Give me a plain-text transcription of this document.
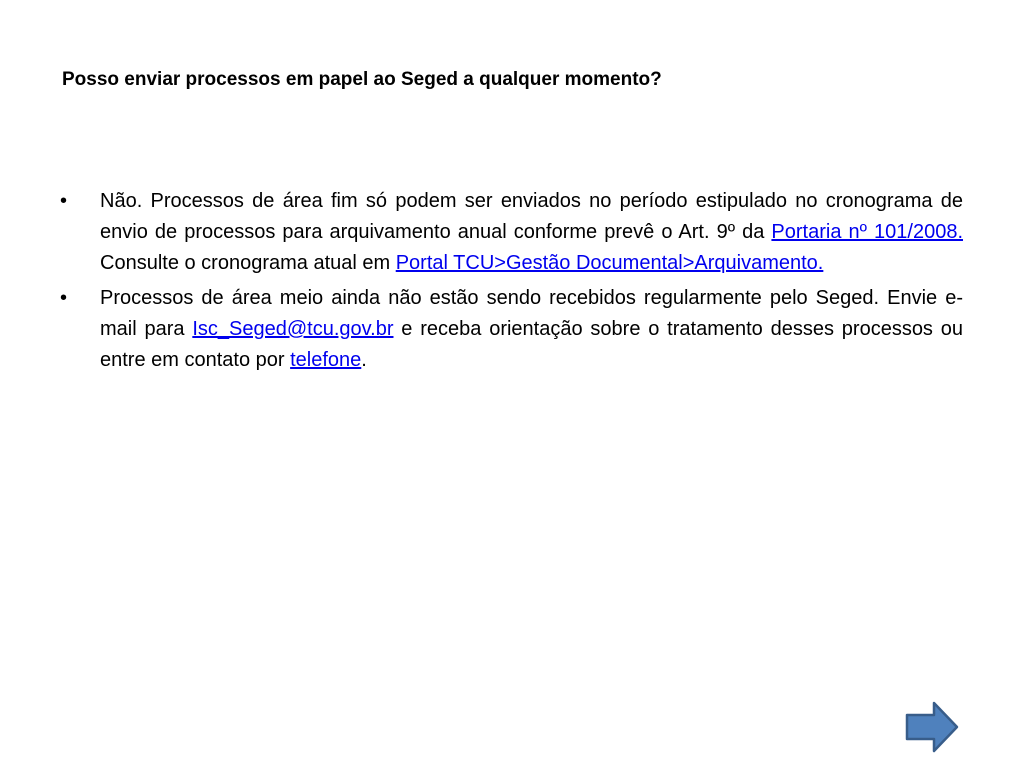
Posso enviar processos em papel ao Seged a qualquer momento?
•	Não. Processos de área fim só podem ser enviados no período estipulado no cronograma de envio de processos para arquivamento anual conforme prevê o Art. 9º da Portaria nº 101/2008. Consulte o cronograma atual em Portal TCU>Gestão Documental>Arquivamento.
•	Processos de área meio ainda não estão sendo recebidos regularmente pelo Seged. Envie e-mail para Isc_Seged@tcu.gov.br e receba orientação sobre o tratamento desses processos ou entre em contato por telefone.
